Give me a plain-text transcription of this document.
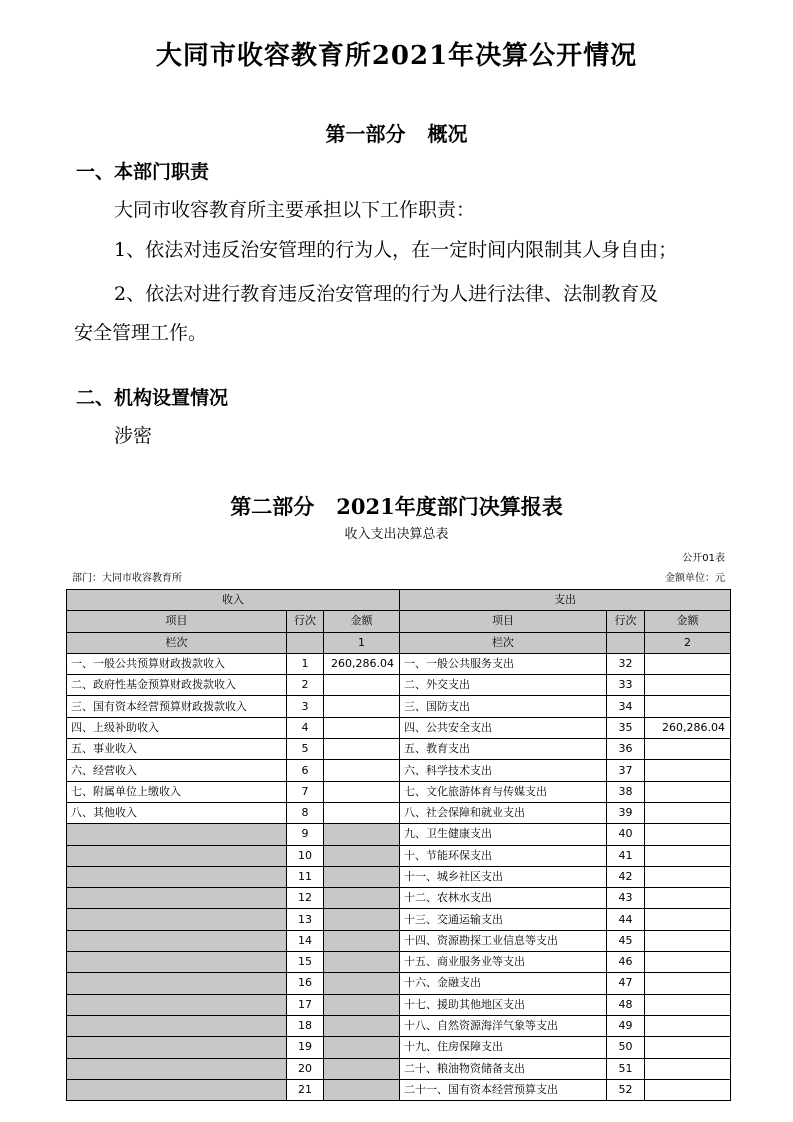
大同市收容教育所2021年决算公开情况
第一部分 概况
一、本部门职责
大同市收容教育所主要承担以下工作职责：
1、依法对违反治安管理的行为人，在一定时间内限制其人身自由；
2、依法对进行教育违反治安管理的行为人进行法律、法制教育及
安全管理工作。
二、机构设置情况
涉密
第二部分 2021年度部门决算报表
收入支出决算总表
公开01表
部门：大同市收容教育所	金额单位：元
收入			支出		
项目	行次	金额	项目	行次	金额
栏次		1	栏次		2
一、一般公共预算财政拨款收入	1	260,286.04	一、一般公共服务支出	32	
二、政府性基金预算财政拨款收入	2		二、外交支出	33	
三、国有资本经营预算财政拨款收入	3		三、国防支出	34	
四、上级补助收入	4		四、公共安全支出	35	260,286.04
五、事业收入	5		五、教育支出	36	
六、经营收入	6		六、科学技术支出	37	
七、附属单位上缴收入	7		七、文化旅游体育与传媒支出	38	
八、其他收入	8		八、社会保障和就业支出	39	
	9		九、卫生健康支出	40	
	10		十、节能环保支出	41	
	11		十一、城乡社区支出	42	
	12		十二、农林水支出	43	
	13		十三、交通运输支出	44	
	14		十四、资源勘探工业信息等支出	45	
	15		十五、商业服务业等支出	46	
	16		十六、金融支出	47	
	17		十七、援助其他地区支出	48	
	18		十八、自然资源海洋气象等支出	49	
	19		十九、住房保障支出	50	
	20		二十、粮油物资储备支出	51	
	21		二十一、国有资本经营预算支出	52	
